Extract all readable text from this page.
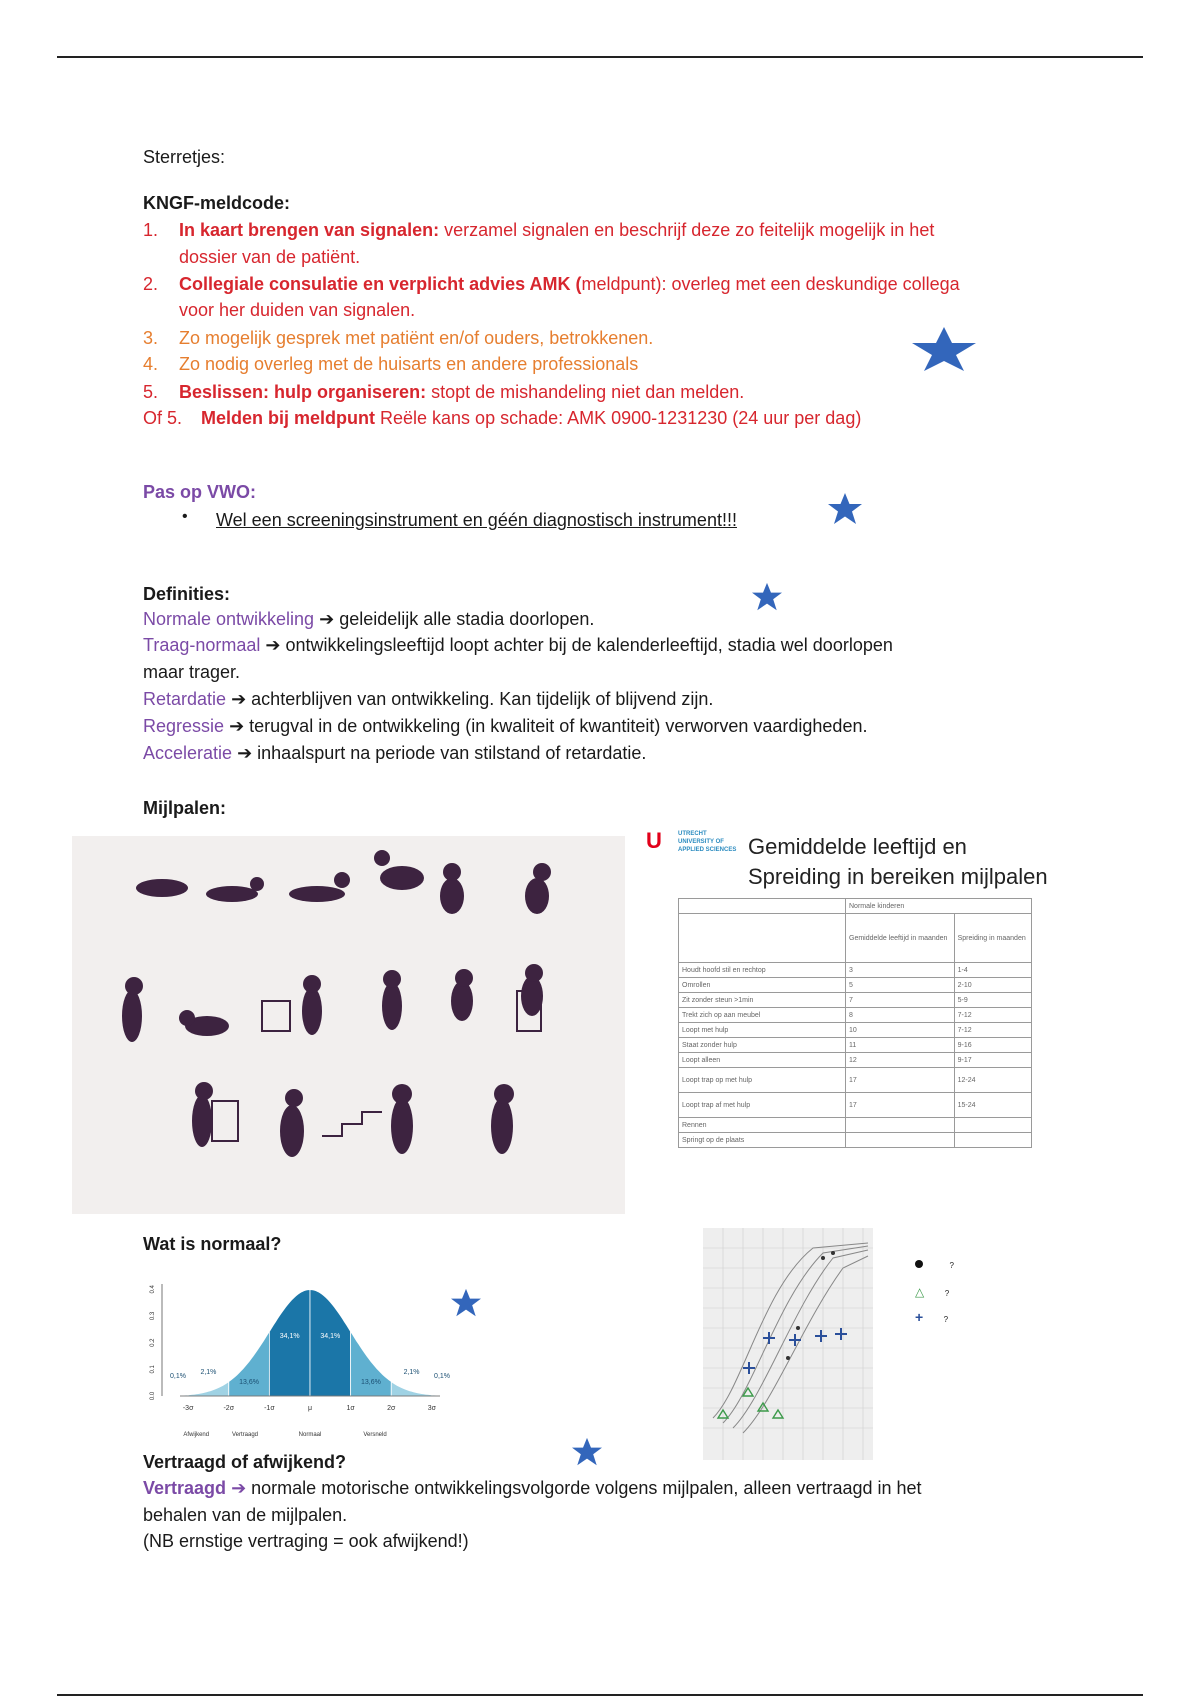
Sterretjes:
KNGF-meldcode:
1. In kaart brengen van signalen: verzamel signalen en beschrijf deze zo feitelijk mogelijk in het
dossier van de patiënt.
2. Collegiale consulatie en verplicht advies AMK (meldpunt): overleg met een deskundige collega
voor her duiden van signalen.
3. Zo mogelijk gesprek met patiënt en/of ouders, betrokkenen.
4. Zo nodig overleg met de huisarts en andere professionals
5. Beslissen: hulp organiseren: stopt de mishandeling niet dan melden.
Of 5. Melden bij meldpunt Reële kans op schade: AMK 0900-1231230 (24 uur per dag)
Pas op VWO:
• Wel een screeningsinstrument en géén diagnostisch instrument!!!
Definities:
Normale ontwikkeling ➔ geleidelijk alle stadia doorlopen.
Traag-normaal ➔ ontwikkelingsleeftijd loopt achter bij de kalenderleeftijd, stadia wel doorlopen
maar trager.
Retardatie ➔ achterblijven van ontwikkeling. Kan tijdelijk of blijvend zijn.
Regressie ➔ terugval in de ontwikkeling (in kwaliteit of kwantiteit) verworven vaardigheden.
Acceleratie ➔ inhaalspurt na periode van stilstand of retardatie.
Mijlpalen:
U	UTRECHT UNIVERSITY OF APPLIED SCIENCES Gemiddelde leeftijd en
Spreiding in bereiken mijlpalen
	Normale kinderen	
	Gemiddelde leeftijd in maanden	Spreiding in maanden
Houdt hoofd stil en rechtop	3	1-4
Omrollen	5	2-10
Zit zonder steun >1min	7	5-9
Trekt zich op aan meubel	8	7-12
Loopt met hulp	10	7-12
Staat zonder hulp	11	9-16
Loopt alleen	12	9-17
Loopt trap op met hulp	17	12-24
Loopt trap af met hulp	17	15-24
Rennen		
Springt op de plaats		
Wat is normaal?
0,1%
2,1%
13,6%
34,1%	34,1%
13,6%
2,1%
0,1%
-3σ	-2σ	-1σ	μ	1σ	2σ	3σ
0.0
0.1
0.2
0.3
0.4
Afwijkend	Vertraagd	Normaal	Versneld
?
△	?
+	?
Vertraagd of afwijkend?
Vertraagd ➔ normale motorische ontwikkelingsvolgorde volgens mijlpalen, alleen vertraagd in het
behalen van de mijlpalen.
(NB ernstige vertraging = ook afwijkend!)
